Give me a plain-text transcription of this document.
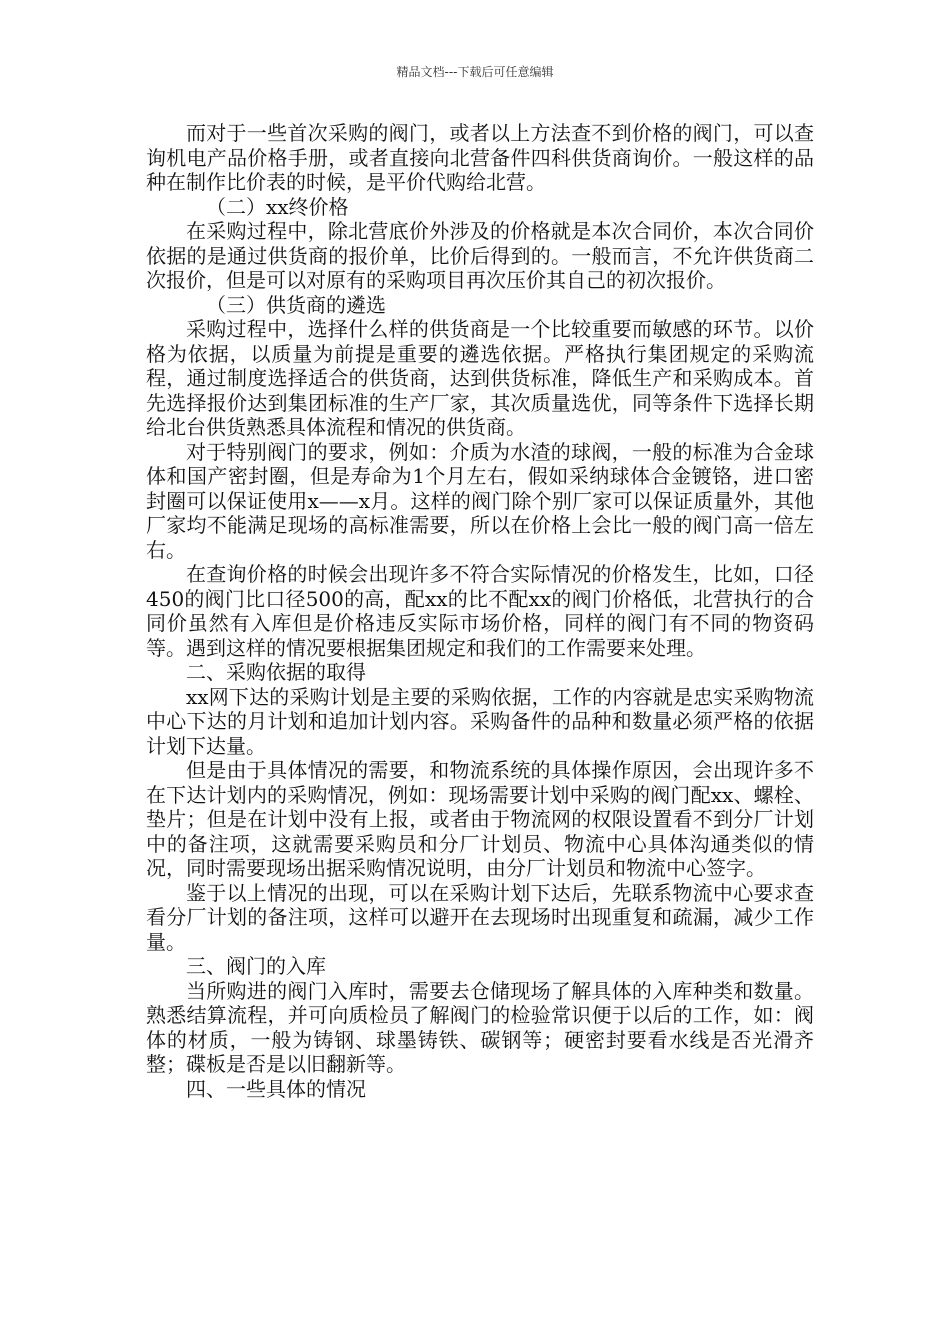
精品文档---下载后可任意编辑

而对于一些首次采购的阀门，或者以上方法查不到价格的阀门，可以查询机电产品价格手册，或者直接向北营备件四科供货商询价。一般这样的品种在制作比价表的时候，是平价代购给北营。

（二）xx终价格

在采购过程中，除北营底价外涉及的价格就是本次合同价，本次合同价依据的是通过供货商的报价单，比价后得到的。一般而言，不允许供货商二次报价，但是可以对原有的采购项目再次压价其自己的初次报价。

（三）供货商的遴选

采购过程中，选择什么样的供货商是一个比较重要而敏感的环节。以价格为依据，以质量为前提是重要的遴选依据。严格执行集团规定的采购流程，通过制度选择适合的供货商，达到供货标准，降低生产和采购成本。首先选择报价达到集团标准的生产厂家，其次质量选优，同等条件下选择长期给北台供货熟悉具体流程和情况的供货商。

对于特别阀门的要求，例如：介质为水渣的球阀，一般的标准为合金球体和国产密封圈，但是寿命为1个月左右，假如采纳球体合金镀铬，进口密封圈可以保证使用x——x月。这样的阀门除个别厂家可以保证质量外，其他厂家均不能满足现场的高标准需要，所以在价格上会比一般的阀门高一倍左右。

在查询价格的时候会出现许多不符合实际情况的价格发生，比如，口径450的阀门比口径500的高，配xx的比不配xx的阀门价格低，北营执行的合同价虽然有入库但是价格违反实际市场价格，同样的阀门有不同的物资码等。遇到这样的情况要根据集团规定和我们的工作需要来处理。

二、采购依据的取得

xx网下达的采购计划是主要的采购依据，工作的内容就是忠实采购物流中心下达的月计划和追加计划内容。采购备件的品种和数量必须严格的依据计划下达量。

但是由于具体情况的需要，和物流系统的具体操作原因，会出现许多不在下达计划内的采购情况，例如：现场需要计划中采购的阀门配xx、螺栓、垫片；但是在计划中没有上报，或者由于物流网的权限设置看不到分厂计划中的备注项，这就需要采购员和分厂计划员、物流中心具体沟通类似的情况，同时需要现场出据采购情况说明，由分厂计划员和物流中心签字。

鉴于以上情况的出现，可以在采购计划下达后，先联系物流中心要求查看分厂计划的备注项，这样可以避开在去现场时出现重复和疏漏，减少工作量。

三、阀门的入库

当所购进的阀门入库时，需要去仓储现场了解具体的入库种类和数量。熟悉结算流程，并可向质检员了解阀门的检验常识便于以后的工作，如：阀体的材质，一般为铸钢、球墨铸铁、碳钢等；硬密封要看水线是否光滑齐整；碟板是否是以旧翻新等。

四、一些具体的情况
